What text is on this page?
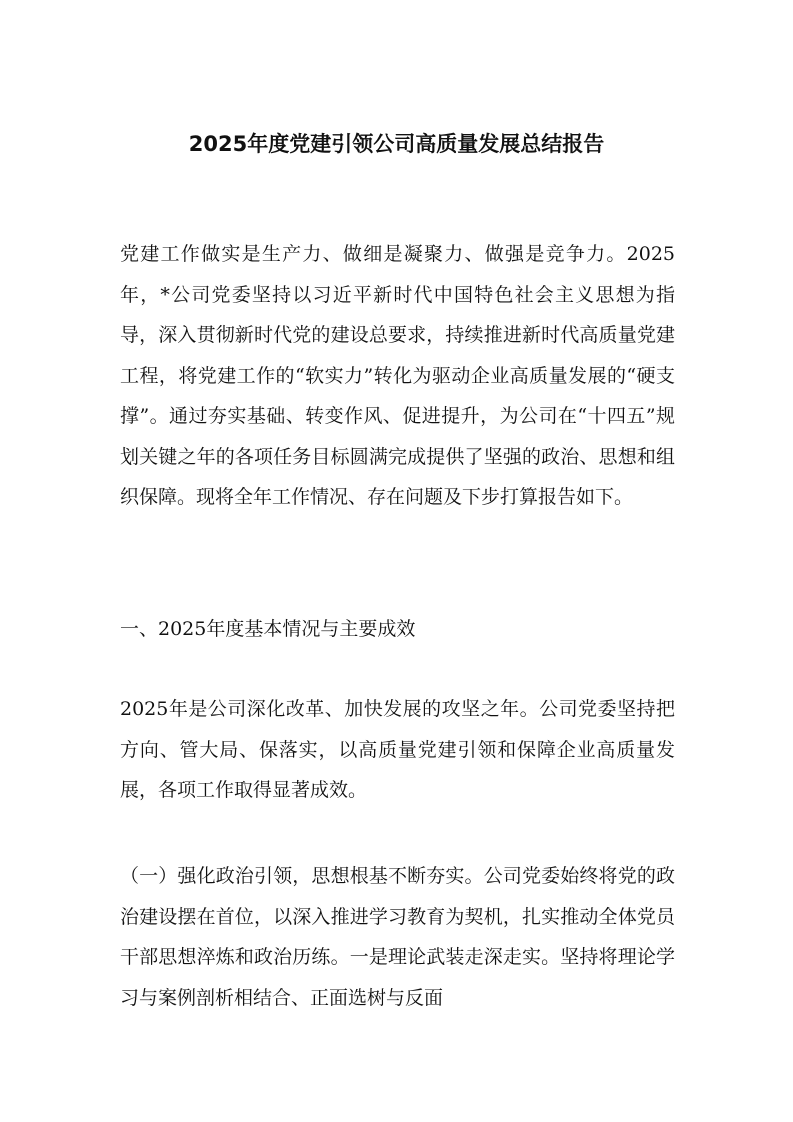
2025年度党建引领公司高质量发展总结报告

党建工作做实是生产力、做细是凝聚力、做强是竞争力。2025年，*公司党委坚持以习近平新时代中国特色社会主义思想为指导，深入贯彻新时代党的建设总要求，持续推进新时代高质量党建工程，将党建工作的“软实力”转化为驱动企业高质量发展的“硬支撑”。通过夯实基础、转变作风、促进提升，为公司在“十四五”规划关键之年的各项任务目标圆满完成提供了坚强的政治、思想和组织保障。现将全年工作情况、存在问题及下步打算报告如下。

一、2025年度基本情况与主要成效

2025年是公司深化改革、加快发展的攻坚之年。公司党委坚持把方向、管大局、保落实，以高质量党建引领和保障企业高质量发展，各项工作取得显著成效。

（一）强化政治引领，思想根基不断夯实。公司党委始终将党的政治建设摆在首位，以深入推进学习教育为契机，扎实推动全体党员干部思想淬炼和政治历练。一是理论武装走深走实。坚持将理论学习与案例剖析相结合、正面选树与反面
